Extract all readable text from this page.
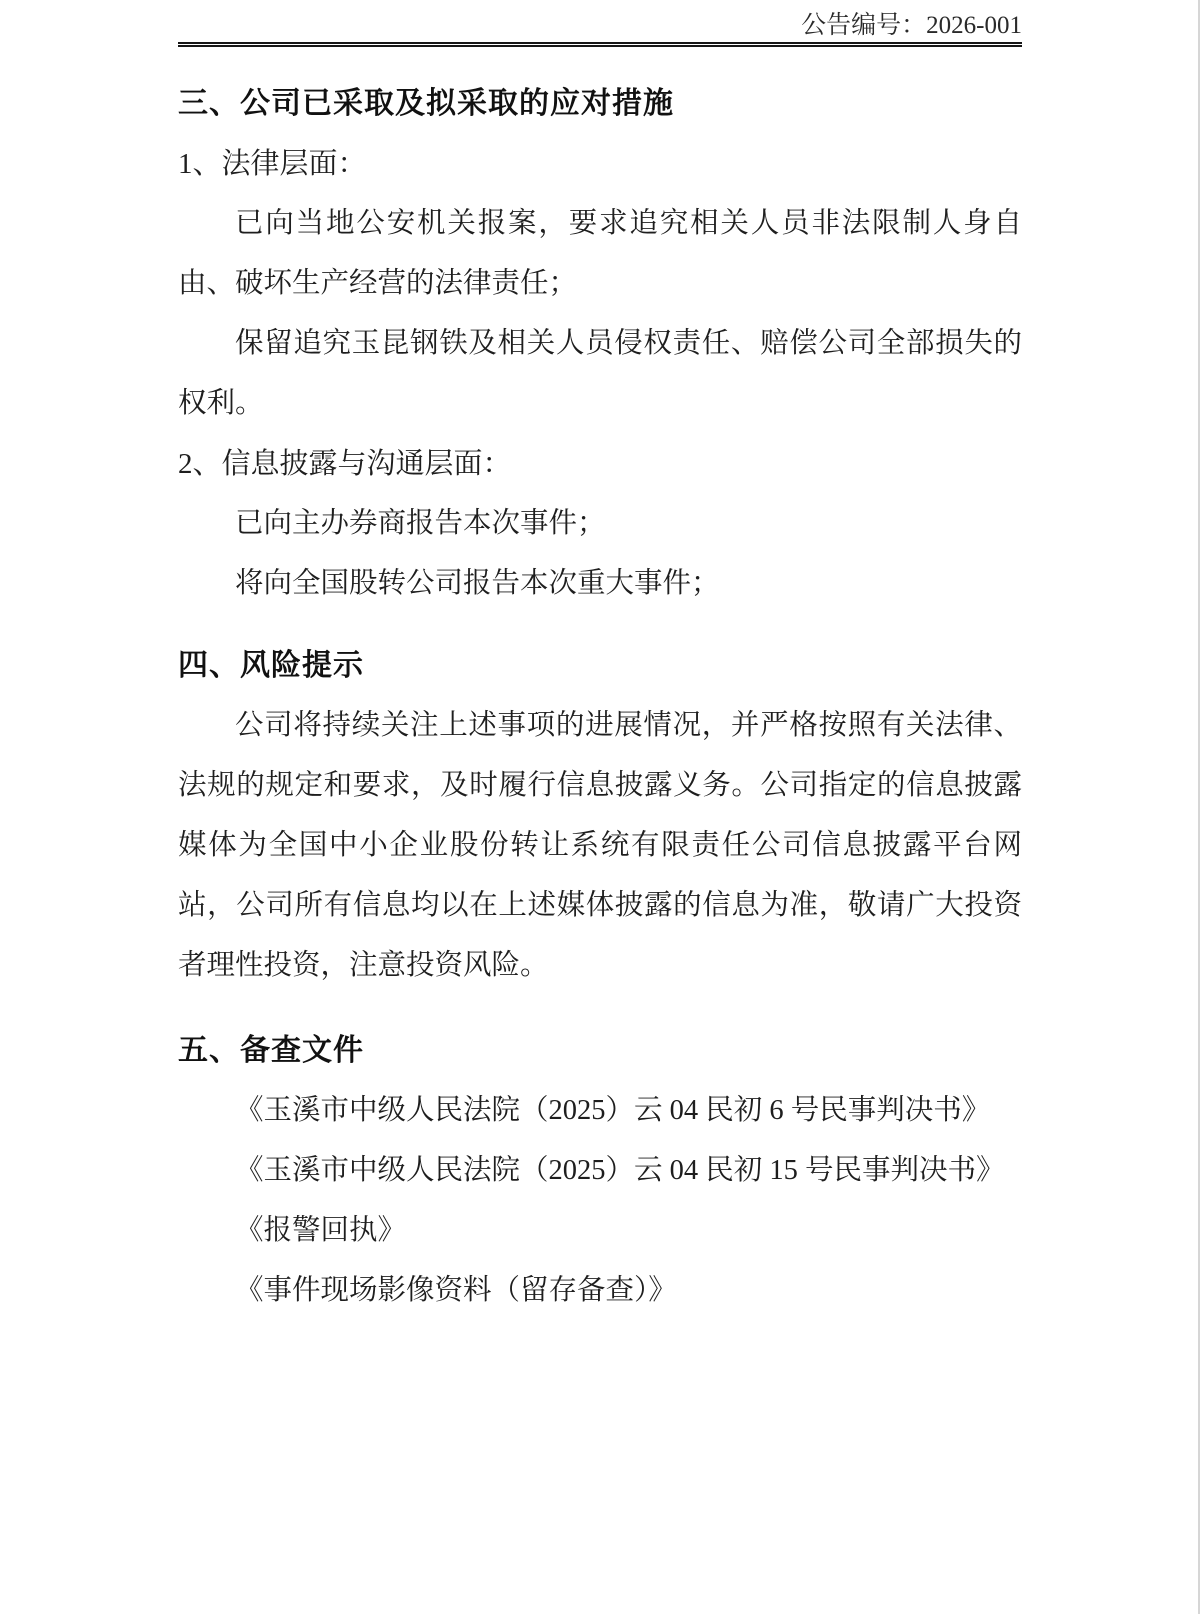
公告编号：2026-001
三、公司已采取及拟采取的应对措施
1、法律层面：

已向当地公安机关报案，要求追究相关人员非法限制人身自由、破坏生产经营的法律责任；

保留追究玉昆钢铁及相关人员侵权责任、赔偿公司全部损失的权利。

2、信息披露与沟通层面：

已向主办券商报告本次事件；

将向全国股转公司报告本次重大事件；

四、风险提示

公司将持续关注上述事项的进展情况，并严格按照有关法律、法规的规定和要求，及时履行信息披露义务。公司指定的信息披露媒体为全国中小企业股份转让系统有限责任公司信息披露平台网站，公司所有信息均以在上述媒体披露的信息为准，敬请广大投资者理性投资，注意投资风险。

五、备查文件

《玉溪市中级人民法院（2025）云 04 民初 6 号民事判决书》

《玉溪市中级人民法院（2025）云 04 民初 15 号民事判决书》

《报警回执》

《事件现场影像资料（留存备查）》
